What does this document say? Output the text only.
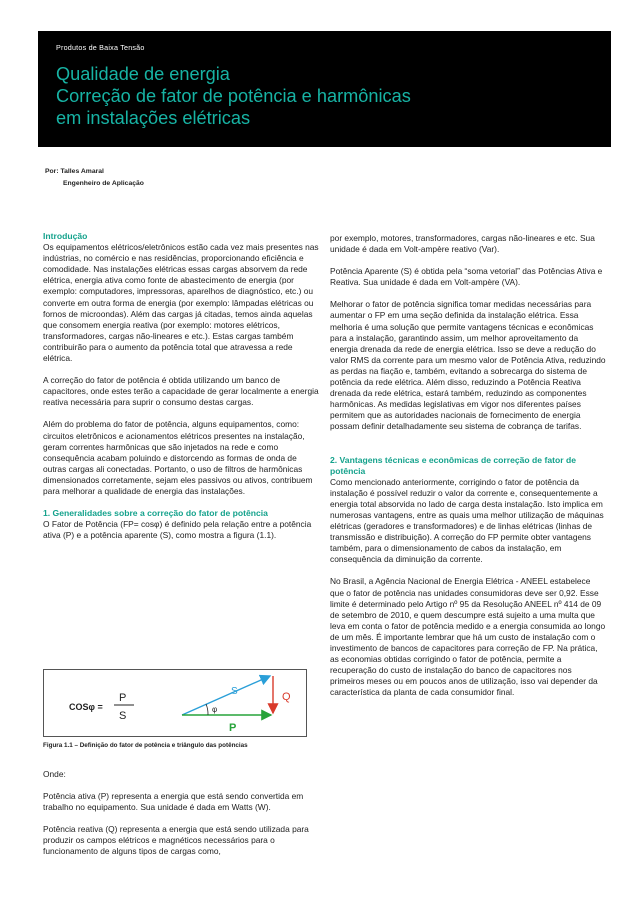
Produtos de Baixa Tensão
Qualidade de energia
Correção de fator de potência e harmônicas
em instalações elétricas
Por: Talles Amaral
Engenheiro de Aplicação
Introdução

Os equipamentos elétricos/eletrônicos estão cada vez mais presentes nas indústrias, no comércio e nas residências, proporcionando eficiência e comodidade. Nas instalações elétricas essas cargas absorvem da rede elétrica, energia ativa como fonte de abastecimento de energia (por exemplo: computadores, impressoras, aparelhos de diagnóstico, etc.) ou converte em outra forma de energia (por exemplo: lâmpadas elétricas ou fornos de microondas). Além das cargas já citadas, temos ainda aquelas que consomem energia reativa (por exemplo: motores elétricos, transformadores, cargas não-lineares e etc.). Estas cargas também contribuirão para o aumento da potência total que atravessa a rede elétrica.

A correção do fator de potência é obtida utilizando um banco de capacitores, onde estes terão a capacidade de gerar localmente a energia reativa necessária para suprir o consumo destas cargas.

Além do problema do fator de potência, alguns equipamentos, como: circuitos eletrônicos e acionamentos elétricos presentes na instalação, geram correntes harmônicas que são injetados na rede e como consequência acabam poluindo e distorcendo as formas de onda de outras cargas ali conectadas. Portanto, o uso de filtros de harmônicas dimensionados corretamente, sejam eles passivos ou ativos, contribuem para melhorar a qualidade de energia das instalações.

1. Generalidades sobre a correção do fator de potência

O Fator de Potência (FP= cosφ) é definido pela relação entre a potência ativa (P) e a potência aparente (S), como mostra a figura (1.1).

COSφ =
P
S
S	Q
P
φ
Figura 1.1 – Definição do fator de potência e triângulo das potências

Onde:

Potência ativa (P) representa a energia que está sendo convertida em trabalho no equipamento. Sua unidade é dada em Watts (W).

Potência reativa (Q) representa a energia que está sendo utilizada para produzir os campos elétricos e magnéticos necessários para o funcionamento de alguns tipos de cargas como,

por exemplo, motores, transformadores, cargas não-lineares e etc. Sua unidade é dada em Volt-ampère reativo (Var).

Potência Aparente (S) é obtida pela “soma vetorial” das Potências Ativa e Reativa. Sua unidade é dada em Volt-ampère (VA).

Melhorar o fator de potência significa tomar medidas necessárias para aumentar o FP em uma seção definida da instalação elétrica. Essa melhoria é uma solução que permite vantagens técnicas e econômicas para a instalação, garantindo assim, um melhor aproveitamento da energia drenada da rede de energia elétrica. Isso se deve a redução do valor RMS da corrente para um mesmo valor de Potência Ativa, reduzindo as perdas na fiação e, também, evitando a sobrecarga do sistema de potência da rede elétrica. Além disso, reduzindo a Potência Reativa drenada da rede elétrica, estará também, reduzindo as componentes harmônicas. As medidas legislativas em vigor nos diferentes países permitem que as autoridades nacionais de fornecimento de energia possam definir detalhadamente seu sistema de cobrança de tarifas.

2. Vantagens técnicas e econômicas de correção de fator de potência

Como mencionado anteriormente, corrigindo o fator de potência da instalação é possível reduzir o valor da corrente e, consequentemente a energia total absorvida no lado de carga desta instalação. Isto implica em numerosas vantagens, entre as quais uma melhor utilização de máquinas elétricas (geradores e transformadores) e de linhas elétricas (linhas de transmissão e distribuição). A correção do FP permite obter vantagens também, para o dimensionamento de cabos da instalação, em consequência da diminuição da corrente.

No Brasil, a Agência Nacional de Energia Elétrica - ANEEL estabelece que o fator de potência nas unidades consumidoras deve ser 0,92. Esse limite é determinado pelo Artigo nº 95 da Resolução ANEEL nº 414 de 09 de setembro de 2010, e quem descumpre está sujeito a uma multa que leva em conta o fator de potência medido e a energia consumida ao longo de um mês. É importante lembrar que há um custo de instalação com o investimento de bancos de capacitores para correção de FP. Na prática, as economias obtidas corrigindo o fator de potência, permite a recuperação do custo de instalação do banco de capacitores nos primeiros meses ou em poucos anos de utilização, isso vai depender da característica da planta de cada consumidor final.
